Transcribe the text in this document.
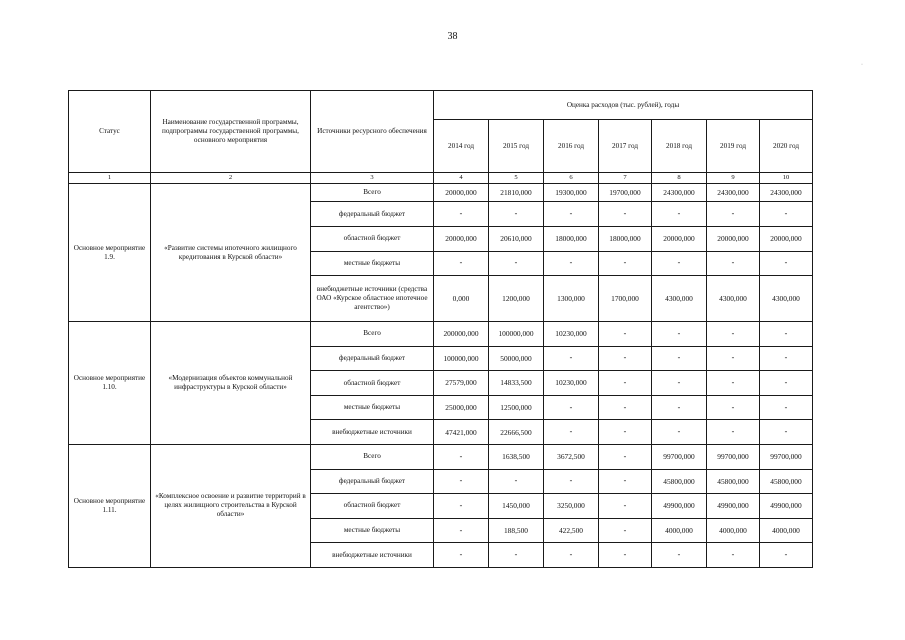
38
·
Статус	Наименование государственной программы, подпрограммы государственной программы, основного мероприятия	Источники ресурсного обеспечения	Оценка расходов (тыс. рублей), годы						
			2014 год	2015 год	2016 год	2017 год	2018 год	2019 год	2020 год
1	2	3	4	5	6	7	8	9	10
Основное мероприятие 1.9.	«Развитие системы ипотечного жилищного кредитования в Курской области»	Всего	20000,000	21810,000	19300,000	19700,000	24300,000	24300,000	24300,000
		федеральный бюджет	-	-	-	-	-	-	-
		областной бюджет	20000,000	20610,000	18000,000	18000,000	20000,000	20000,000	20000,000
		местные бюджеты	-	-	-	-	-	-	-
		внебюджетные источники (средства ОАО «Курское областное ипотечное агентство»)	0,000	1200,000	1300,000	1700,000	4300,000	4300,000	4300,000
Основное мероприятие 1.10.	«Модернизация объектов коммунальной инфраструктуры в Курской области»	Всего	200000,000	100000,000	10230,000	-	-	-	-
		федеральный бюджет	100000,000	50000,000	-	-	-	-	-
		областной бюджет	27579,000	14833,500	10230,000	-	-	-	-
		местные бюджеты	25000,000	12500,000	-	-	-	-	-
		внебюджетные источники	47421,000	22666,500	-	-	-	-	-
Основное мероприятие 1.11.	«Комплексное освоение и развитие территорий в целях жилищного строительства в Курской области»	Всего	-	1638,500	3672,500	-	99700,000	99700,000	99700,000
		федеральный бюджет	-	-	-	-	45800,000	45800,000	45800,000
		областной бюджет	-	1450,000	3250,000	-	49900,000	49900,000	49900,000
		местные бюджеты	-	188,500	422,500	-	4000,000	4000,000	4000,000
		внебюджетные источники	-	-	-	-	-	-	-
